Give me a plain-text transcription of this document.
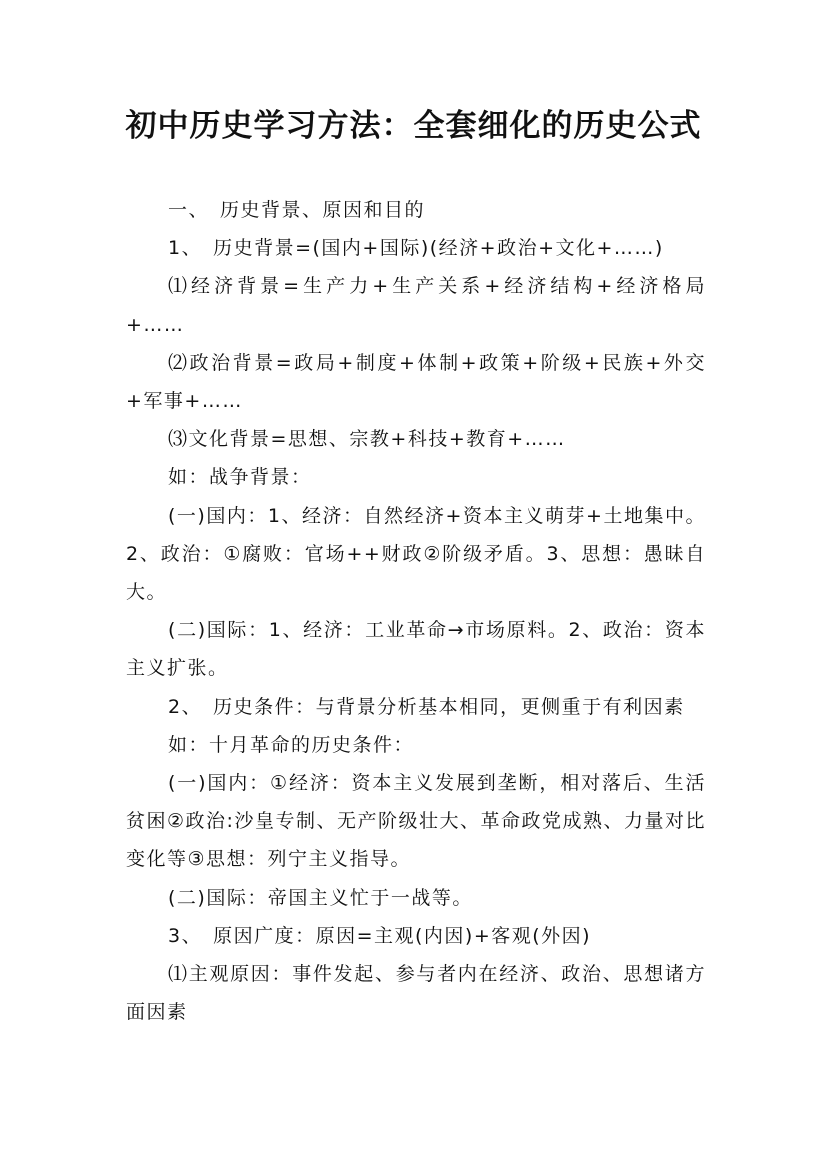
初中历史学习方法：全套细化的历史公式

一、　历史背景、原因和目的

1、　历史背景=(国内+国际)(经济+政治+文化+……)

⑴经济背景=生产力+生产关系+经济结构+经济格局+……

⑵政治背景=政局+制度+体制+政策+阶级+民族+外交+军事+……

⑶文化背景=思想、宗教+科技+教育+……

如：战争背景：

(一)国内：1、经济：自然经济+资本主义萌芽+土地集中。2、政治：①腐败：官场++财政②阶级矛盾。3、思想：愚昧自大。

(二)国际：1、经济：工业革命→市场原料。2、政治：资本主义扩张。

2、　历史条件：与背景分析基本相同，更侧重于有利因素

如：十月革命的历史条件：

(一)国内：①经济：资本主义发展到垄断，相对落后、生活贫困②政治:沙皇专制、无产阶级壮大、革命政党成熟、力量对比变化等③思想：列宁主义指导。

(二)国际：帝国主义忙于一战等。

3、　原因广度：原因=主观(内因)+客观(外因)

⑴主观原因：事件发起、参与者内在经济、政治、思想诸方面因素
